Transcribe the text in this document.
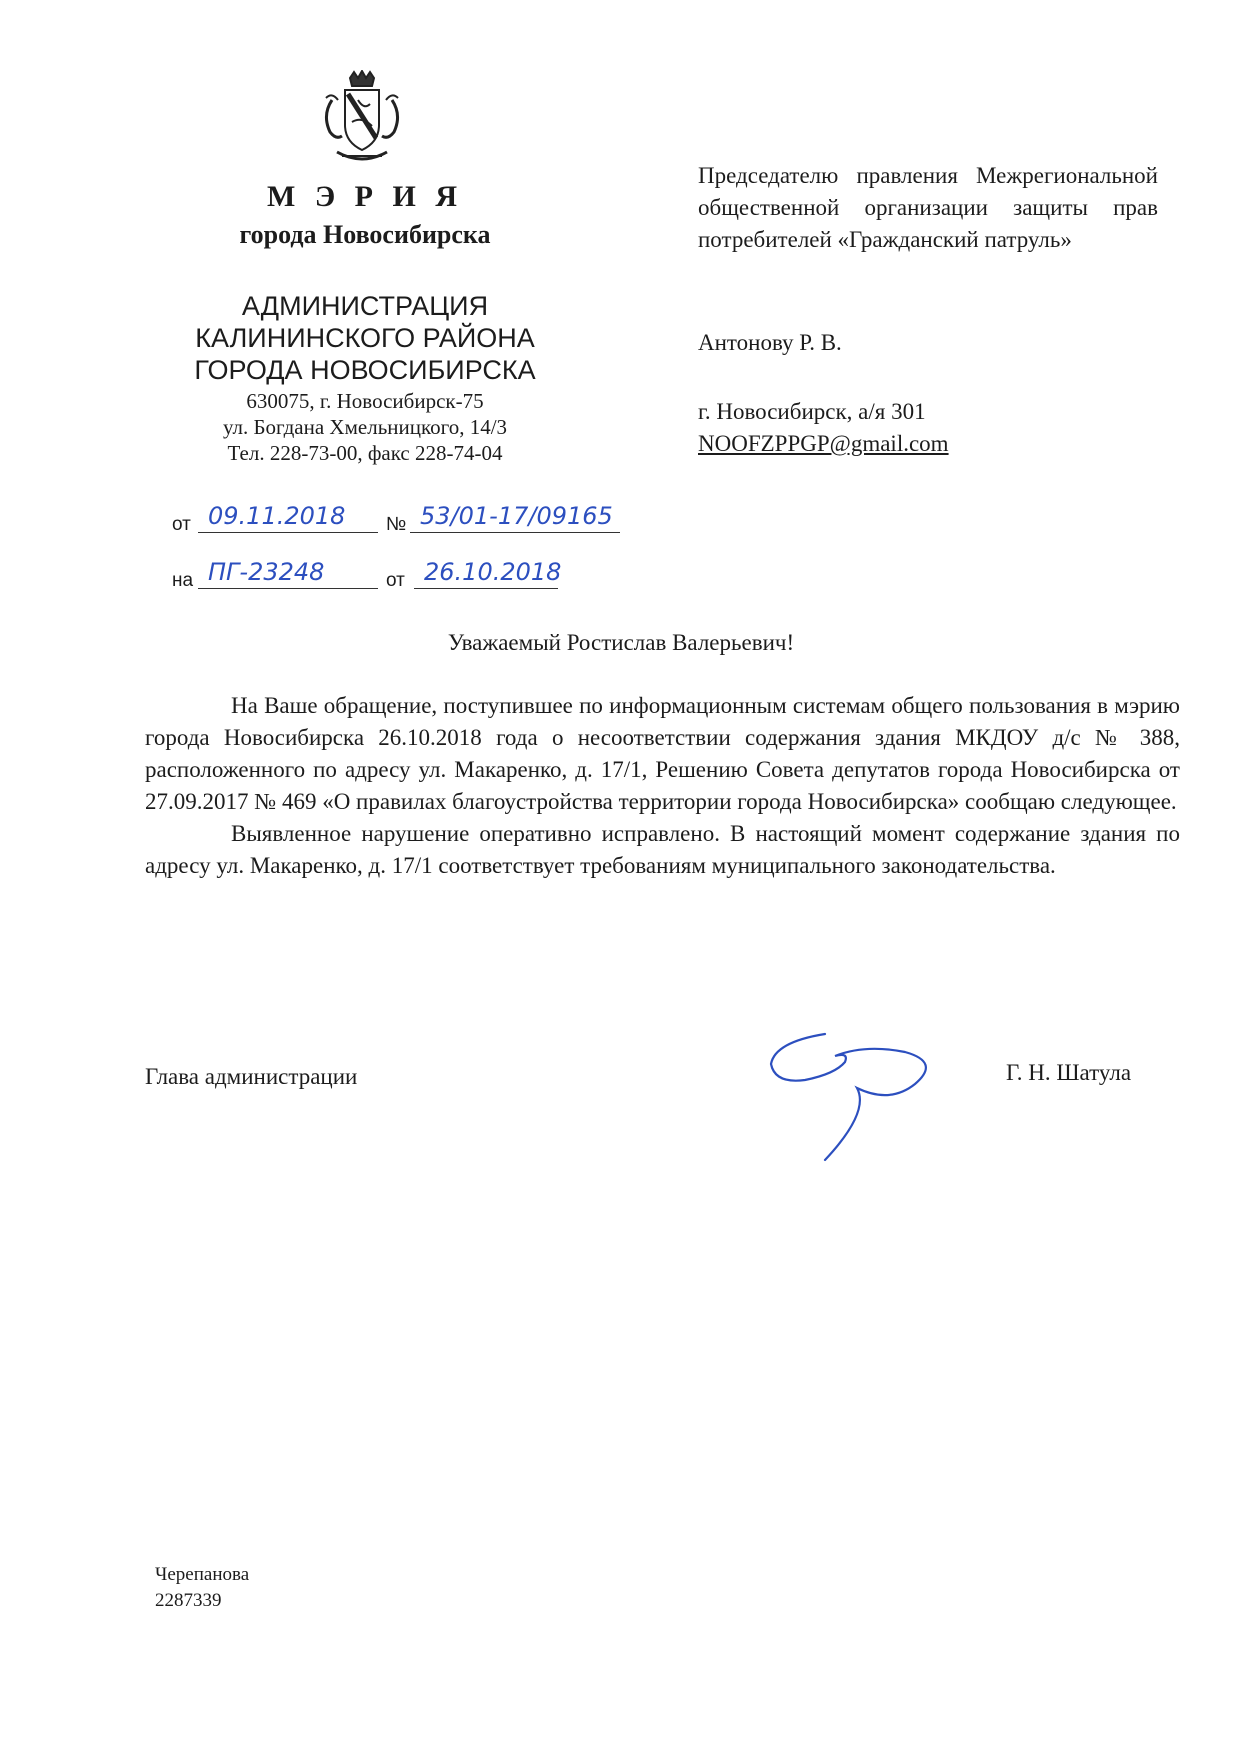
М Э Р И Я
города Новосибирска
АДМИНИСТРАЦИЯ
КАЛИНИНСКОГО РАЙОНА
ГОРОДА НОВОСИБИРСКА
630075, г. Новосибирск-75
ул. Богдана Хмельницкого, 14/3
Тел. 228-73-00, факс 228-74-04
от 09.11.2018 № 53/01-17/09165
на ПГ-23248	от 26.10.2018
Председателю правления Межрегиональной общественной организации защиты прав потребителей «Гражданский патруль»
Антонову Р. В.
г. Новосибирск, а/я 301
NOOFZPPGP@gmail.com
Уважаемый Ростислав Валерьевич!

На Ваше обращение, поступившее по информационным системам общего пользования в мэрию города Новосибирска 26.10.2018 года о несоответствии содержания здания МКДОУ д/с № 388, расположенного по адресу ул. Макаренко, д. 17/1, Решению Совета депутатов города Новосибирска от 27.09.2017 № 469 «О правилах благоустройства территории города Новосибирска» сообщаю следующее.

Выявленное нарушение оперативно исправлено. В настоящий момент содержание здания по адресу ул. Макаренко, д. 17/1 соответствует требованиям муниципального законодательства.

Глава администрации	Г. Н. Шатула
Черепанова
2287339
